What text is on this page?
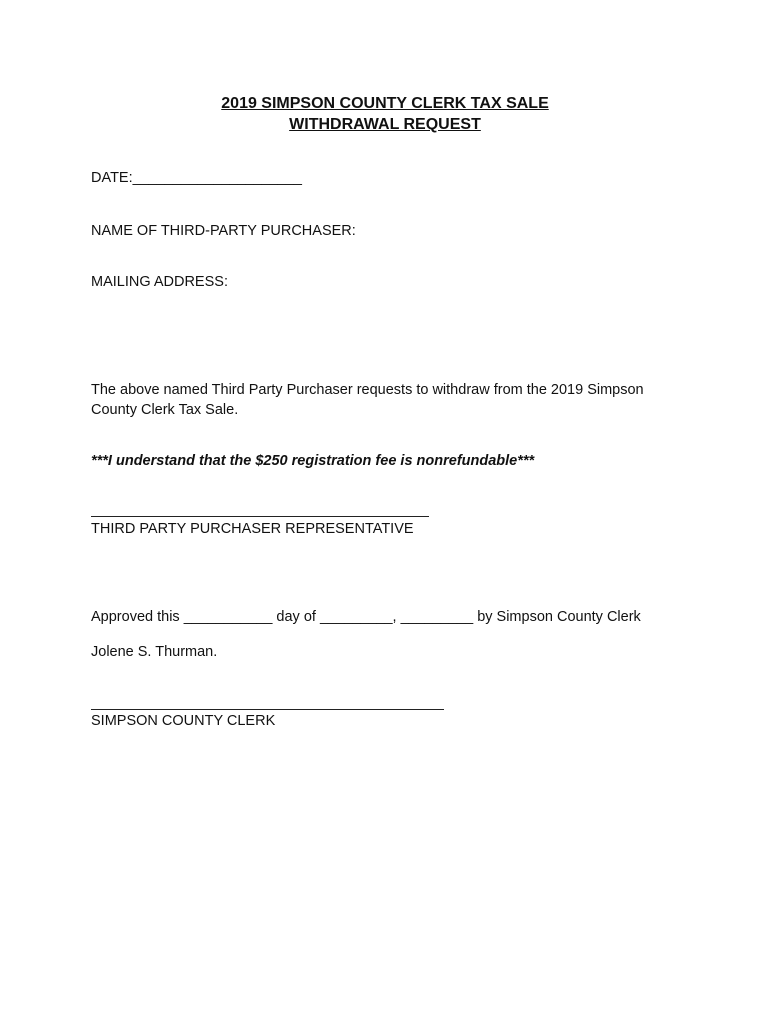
2019 SIMPSON COUNTY CLERK TAX SALE
WITHDRAWAL REQUEST
DATE:_____________________
NAME OF THIRD-PARTY PURCHASER:
MAILING ADDRESS:
The above named Third Party Purchaser requests to withdraw from the 2019 Simpson County Clerk Tax Sale.
***I understand that the $250 registration fee is nonrefundable***
THIRD PARTY PURCHASER REPRESENTATIVE
Approved this ___________ day of _________, _________ by Simpson County Clerk
Jolene S. Thurman.
SIMPSON COUNTY CLERK
